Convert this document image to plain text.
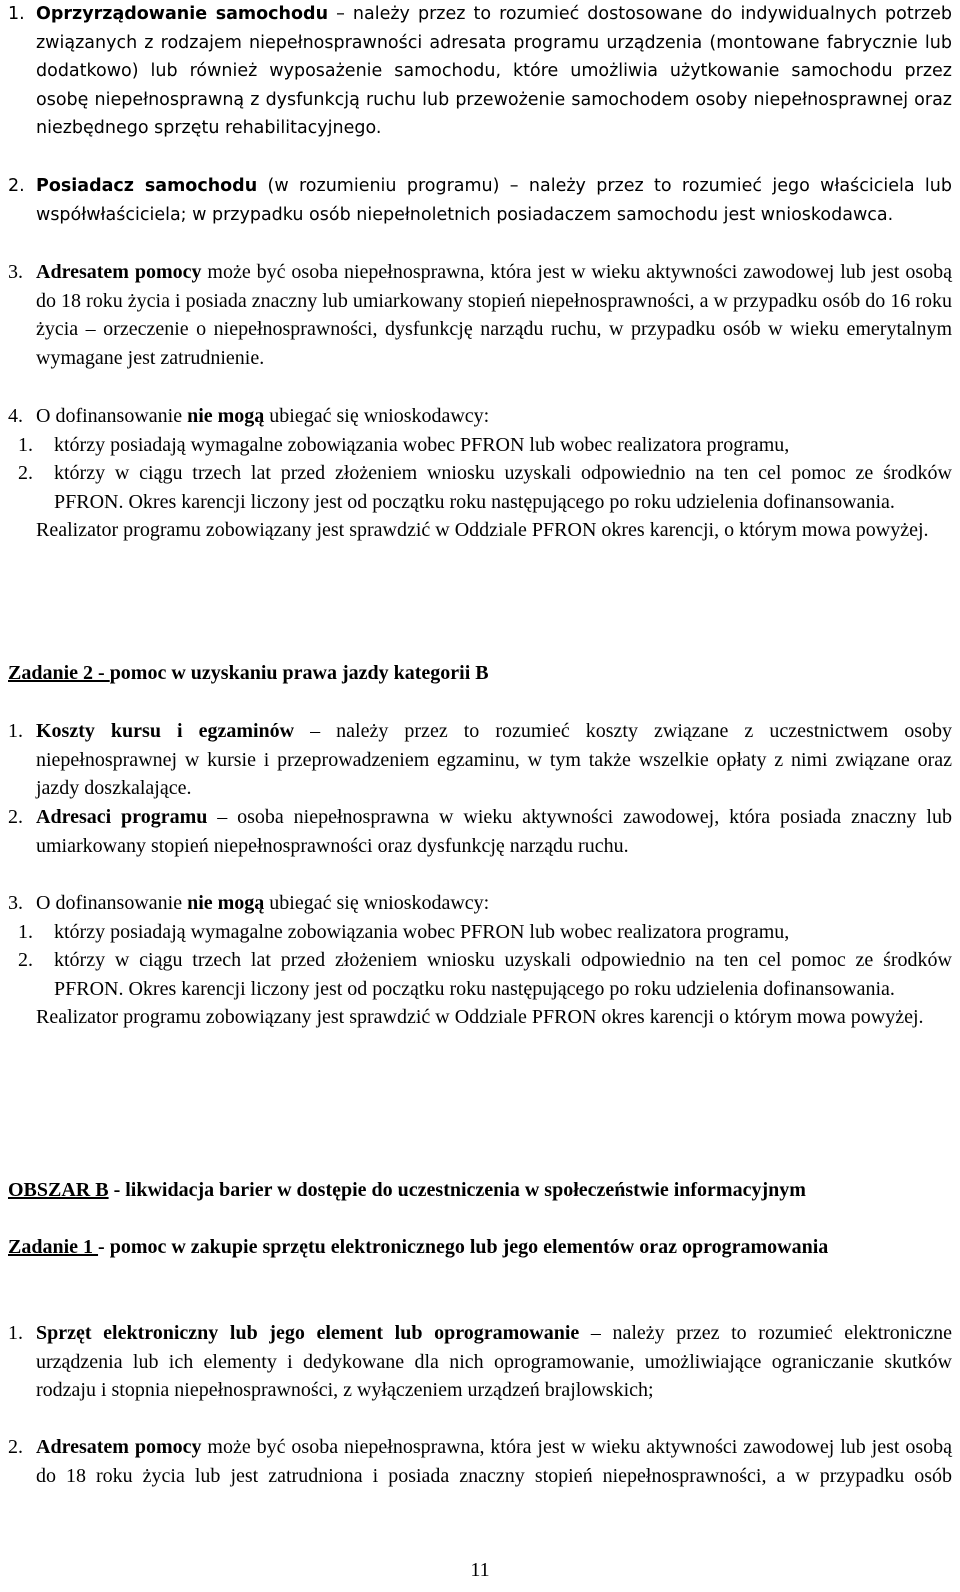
1. Oprzyrządowanie samochodu – należy przez to rozumieć dostosowane do indywidualnych potrzeb związanych z rodzajem niepełnosprawności adresata programu urządzenia (montowane fabrycznie lub dodatkowo) lub również wyposażenie samochodu, które umożliwia użytkowanie samochodu przez osobę niepełnosprawną z dysfunkcją ruchu lub przewożenie samochodem osoby niepełnosprawnej oraz niezbędnego sprzętu rehabilitacyjnego.
2. Posiadacz samochodu (w rozumieniu programu) – należy przez to rozumieć jego właściciela lub współwłaściciela; w przypadku osób niepełnoletnich posiadaczem samochodu jest wnioskodawca.
3. Adresatem pomocy może być osoba niepełnosprawna, która jest w wieku aktywności zawodowej lub jest osobą do 18 roku życia i posiada znaczny lub umiarkowany stopień niepełnosprawności, a w przypadku osób do 16 roku życia – orzeczenie o niepełnosprawności, dysfunkcję narządu ruchu, w przypadku osób w wieku emerytalnym wymagane jest zatrudnienie.
4. O dofinansowanie nie mogą ubiegać się wnioskodawcy:
1. którzy posiadają wymagalne zobowiązania wobec PFRON lub wobec realizatora programu,
2. którzy w ciągu trzech lat przed złożeniem wniosku uzyskali odpowiednio na ten cel pomoc ze środków PFRON. Okres karencji liczony jest od początku roku następującego po roku udzielenia dofinansowania.
Realizator programu zobowiązany jest sprawdzić w Oddziale PFRON okres karencji, o którym mowa powyżej.
Zadanie 2 - pomoc w uzyskaniu prawa jazdy kategorii B
1. Koszty kursu i egzaminów – należy przez to rozumieć koszty związane z uczestnictwem osoby niepełnosprawnej w kursie i przeprowadzeniem egzaminu, w tym także wszelkie opłaty z nimi związane oraz jazdy doszkalające.
2. Adresaci programu – osoba niepełnosprawna w wieku aktywności zawodowej, która posiada znaczny lub umiarkowany stopień niepełnosprawności oraz dysfunkcję narządu ruchu.
3. O dofinansowanie nie mogą ubiegać się wnioskodawcy:
1. którzy posiadają wymagalne zobowiązania wobec PFRON lub wobec realizatora programu,
2. którzy w ciągu trzech lat przed złożeniem wniosku uzyskali odpowiednio na ten cel pomoc ze środków PFRON. Okres karencji liczony jest od początku roku następującego po roku udzielenia dofinansowania.
Realizator programu zobowiązany jest sprawdzić w Oddziale PFRON okres karencji o którym mowa powyżej.
OBSZAR B - likwidacja barier w dostępie do uczestniczenia w społeczeństwie informacyjnym
Zadanie 1 - pomoc w zakupie sprzętu elektronicznego lub jego elementów oraz oprogramowania
1. Sprzęt elektroniczny lub jego element lub oprogramowanie – należy przez to rozumieć elektroniczne urządzenia lub ich elementy i dedykowane dla nich oprogramowanie, umożliwiające ograniczanie skutków rodzaju i stopnia niepełnosprawności, z wyłączeniem urządzeń brajlowskich;
2. Adresatem pomocy może być osoba niepełnosprawna, która jest w wieku aktywności zawodowej lub jest osobą do 18 roku życia lub jest zatrudniona i posiada znaczny stopień niepełnosprawności, a w przypadku osób
11
